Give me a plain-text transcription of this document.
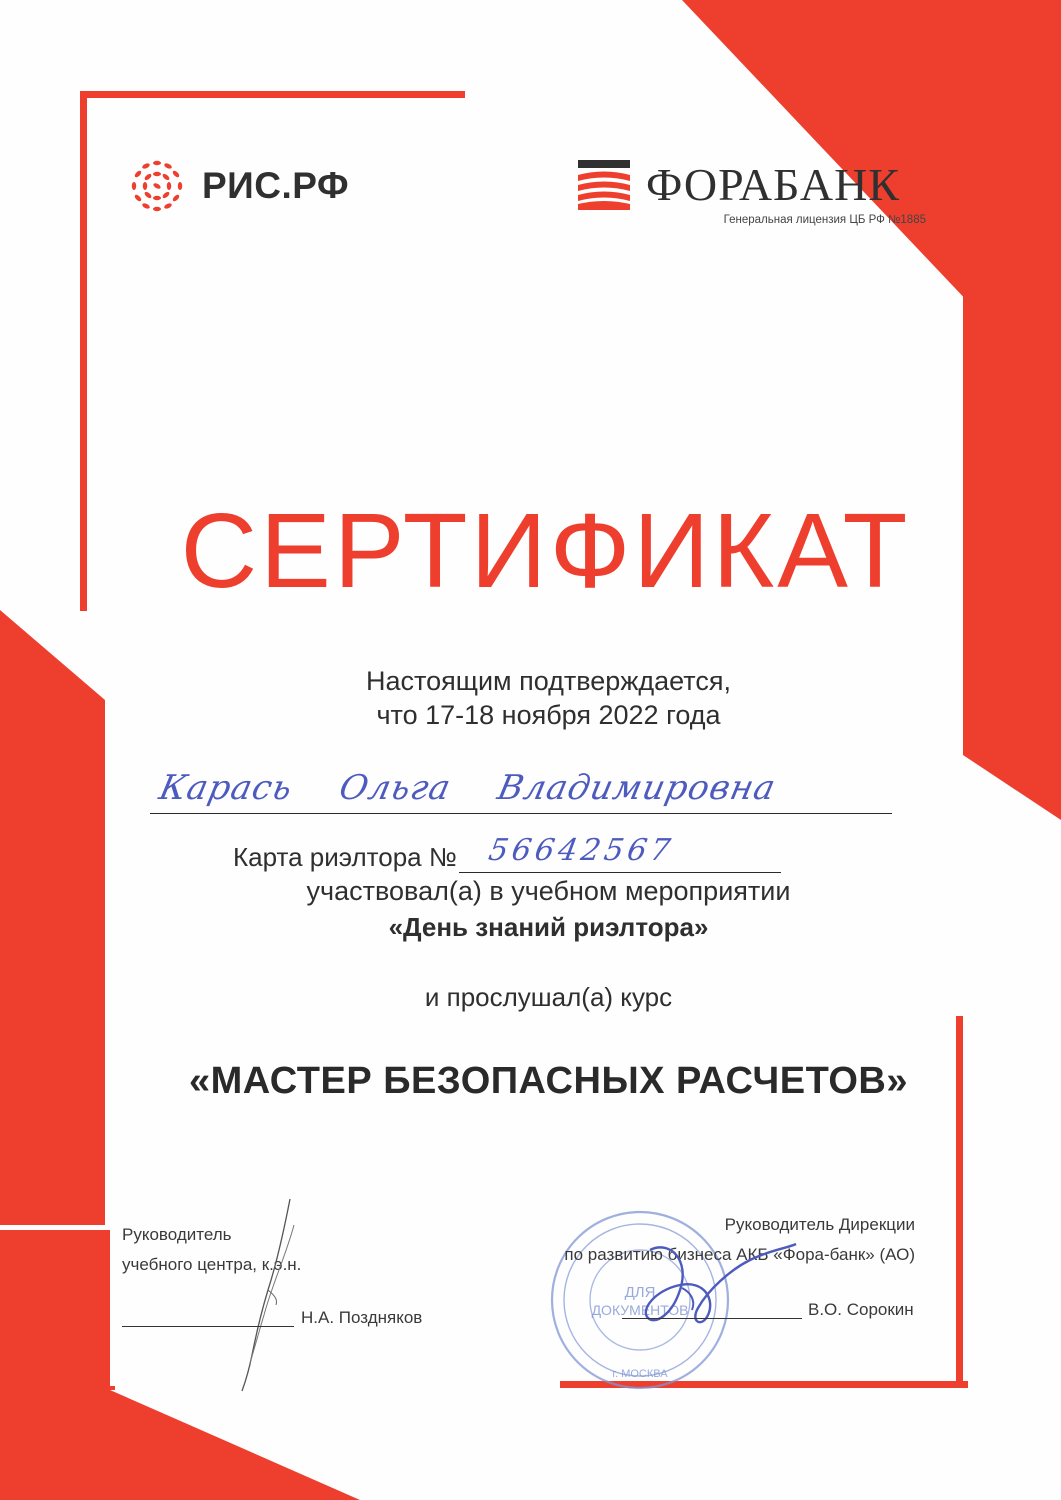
РИС.РФ	ФОРАБАНК
Генеральная лицензия ЦБ РФ №1885
СЕРТИФИКАТ
Настоящим подтверждается,
что 17-18 ноября 2022 года
Карась Ольга Владимировна
Карта риэлтора № 56642567
участвовал(а) в учебном мероприятии
«День знаний риэлтора»
и прослушал(а) курс
«МАСТЕР БЕЗОПАСНЫХ РАСЧЕТОВ»
Руководитель
учебного центра, к.э.н.
Н.А. Поздняков
ДЛЯ
ДОКУМЕНТОВ
г. МОСКВА
Руководитель Дирекции
по развитию бизнеса АКБ «Фора-банк» (АО)
В.О. Сорокин
